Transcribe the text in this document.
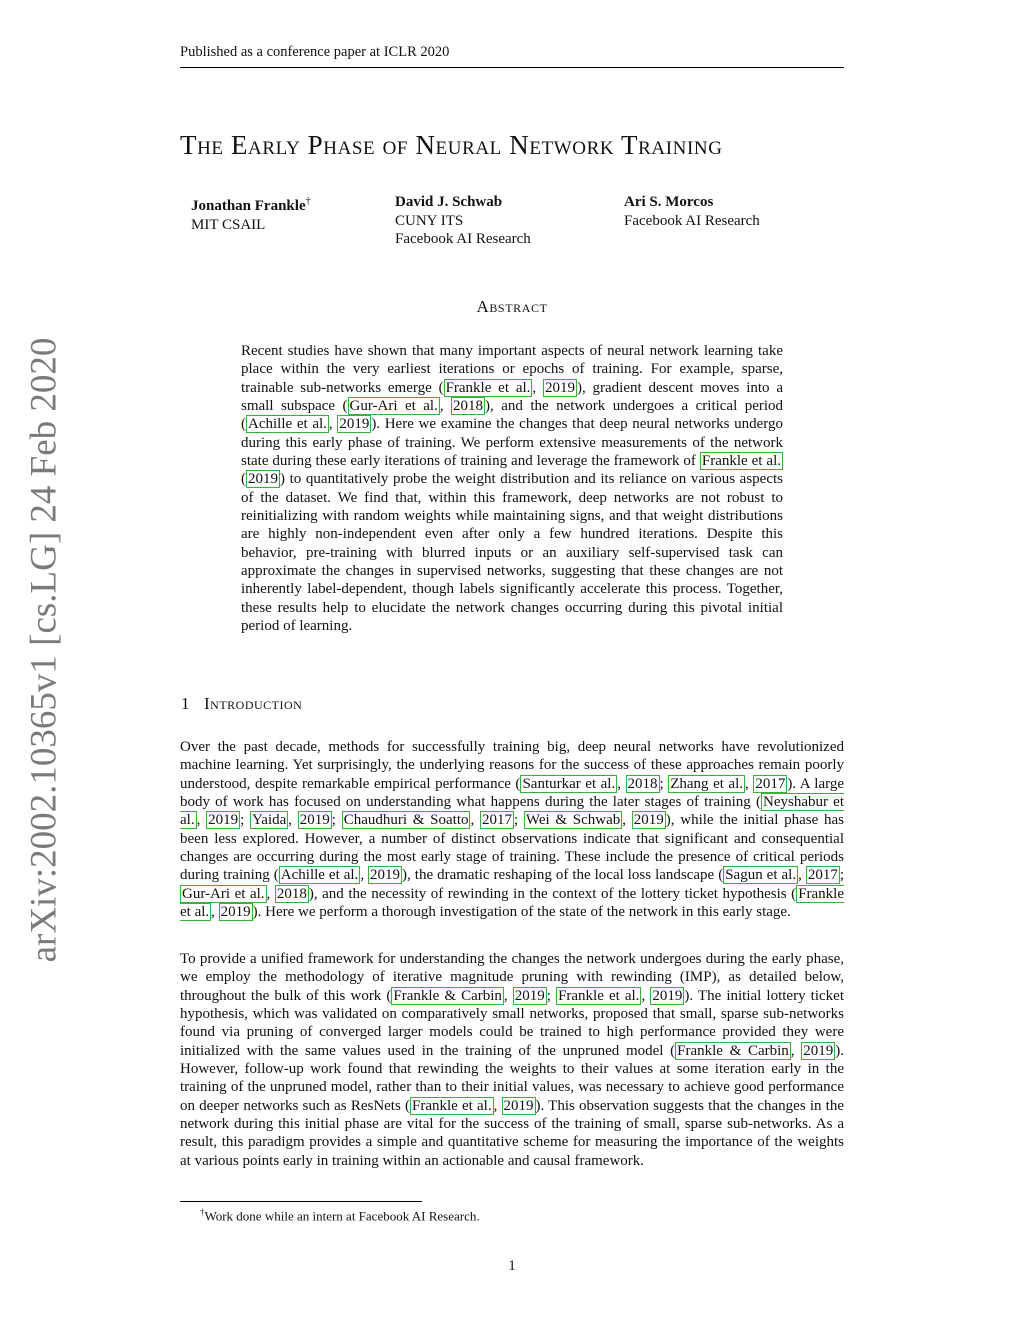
Published as a conference paper at ICLR 2020
arXiv:2002.10365v1 [cs.LG] 24 Feb 2020
The Early Phase of Neural Network Training
Jonathan Frankle†
MIT CSAIL
David J. Schwab
CUNY ITS
Facebook AI Research
Ari S. Morcos
Facebook AI Research
Abstract

Recent studies have shown that many important aspects of neural network learning take place within the very earliest iterations or epochs of training. For example, sparse, trainable sub-networks emerge ( Frankle et al. , 2019 ), gradient descent moves into a small subspace ( Gur-Ari et al. , 2018 ), and the network undergoes a critical period ( Achille et al. , 2019 ). Here we examine the changes that deep neural networks undergo during this early phase of training. We perform extensive measurements of the network state during these early iterations of training and leverage the framework of Frankle et al. ( 2019 ) to quantitatively probe the weight distribution and its reliance on various aspects of the dataset. We find that, within this framework, deep networks are not robust to reinitializing with random weights while maintaining signs, and that weight distributions are highly non-independent even after only a few hundred iterations. Despite this behavior, pre-training with blurred inputs or an auxiliary self-supervised task can approximate the changes in supervised networks, suggesting that these changes are not inherently label-dependent, though labels significantly accelerate this process. Together, these results help to elucidate the network changes occurring during this pivotal initial period of learning.

1 Introduction

Over the past decade, methods for successfully training big, deep neural networks have revolutionized machine learning. Yet surprisingly, the underlying reasons for the success of these approaches remain poorly understood, despite remarkable empirical performance ( Santurkar et al. , 2018 ; Zhang et al. , 2017 ). A large body of work has focused on understanding what happens during the later stages of training ( Neyshabur et al. , 2019 ; Yaida , 2019 ; Chaudhuri & Soatto , 2017 ; Wei & Schwab , 2019 ), while the initial phase has been less explored. However, a number of distinct observations indicate that significant and consequential changes are occurring during the most early stage of training. These include the presence of critical periods during training ( Achille et al. , 2019 ), the dramatic reshaping of the local loss landscape ( Sagun et al. , 2017 ; Gur-Ari et al. , 2018 ), and the necessity of rewinding in the context of the lottery ticket hypothesis ( Frankle et al. , 2019 ). Here we perform a thorough investigation of the state of the network in this early stage.

To provide a unified framework for understanding the changes the network undergoes during the early phase, we employ the methodology of iterative magnitude pruning with rewinding (IMP), as detailed below, throughout the bulk of this work ( Frankle & Carbin , 2019 ; Frankle et al. , 2019 ). The initial lottery ticket hypothesis, which was validated on comparatively small networks, proposed that small, sparse sub-networks found via pruning of converged larger models could be trained to high performance provided they were initialized with the same values used in the training of the unpruned model ( Frankle & Carbin , 2019 ). However, follow-up work found that rewinding the weights to their values at some iteration early in the training of the unpruned model, rather than to their initial values, was necessary to achieve good performance on deeper networks such as ResNets ( Frankle et al. , 2019 ). This observation suggests that the changes in the network during this initial phase are vital for the success of the training of small, sparse sub-networks. As a result, this paradigm provides a simple and quantitative scheme for measuring the importance of the weights at various points early in training within an actionable and causal framework.

†Work done while an intern at Facebook AI Research.
1
